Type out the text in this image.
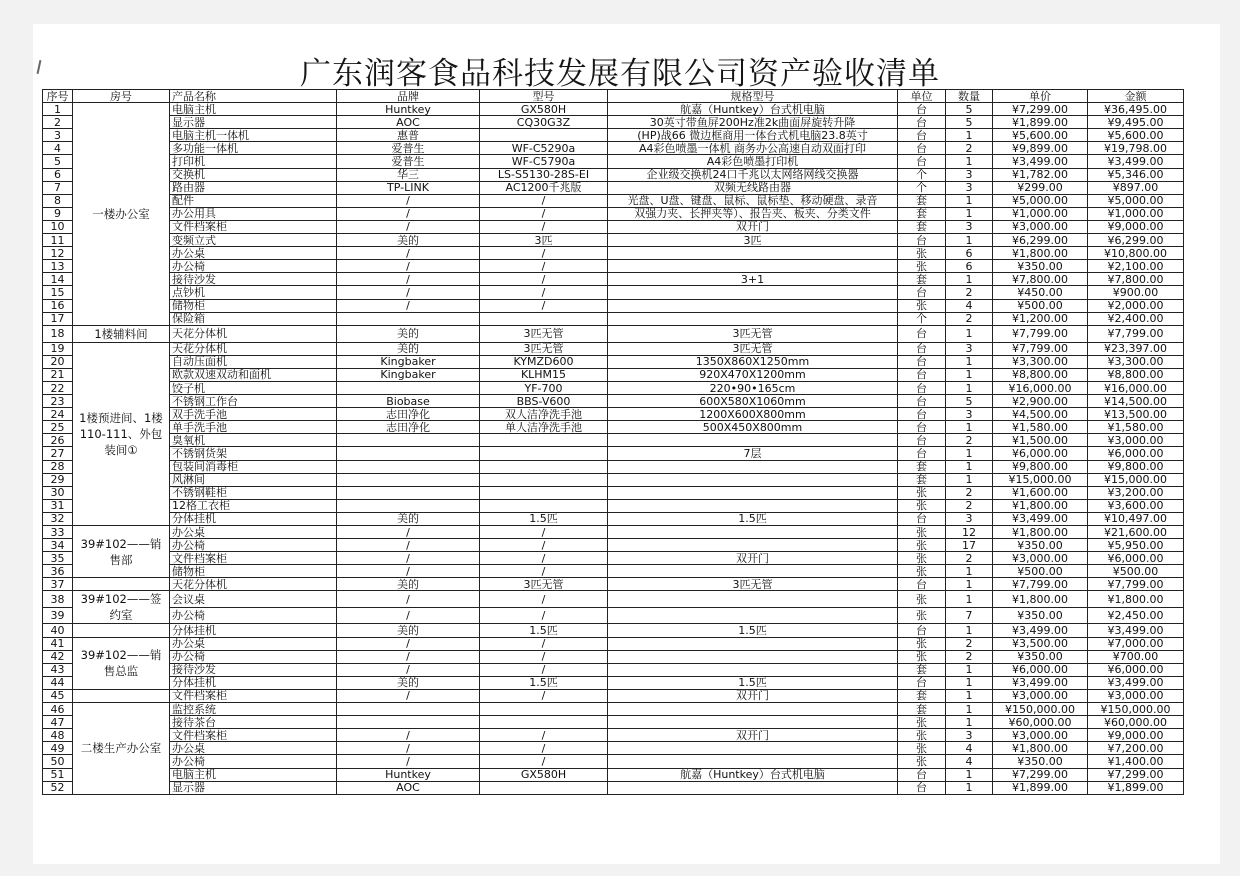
广东润客食品科技发展有限公司资产验收清单
序号	房号	产品名称	品牌	型号	规格型号	单位	数量	单价	金额
1	一楼办公室	电脑主机	Huntkey	GX580H	航嘉（Huntkey）台式机电脑	台	5	¥7,299.00	¥36,495.00
2		显示器	AOC	CQ30G3Z	30英寸带鱼屏200Hz准2k曲面屏旋转升降	台	5	¥1,899.00	¥9,495.00
3		电脑主机一体机	惠普		(HP)战66 微边框商用一体台式机电脑23.8英寸	台	1	¥5,600.00	¥5,600.00
4		多功能一体机	爱普生	WF-C5290a	A4彩色喷墨一体机 商务办公高速自动双面打印	台	2	¥9,899.00	¥19,798.00
5		打印机	爱普生	WF-C5790a	A4彩色喷墨打印机	台	1	¥3,499.00	¥3,499.00
6		交换机	华三	LS-S5130-28S-EI	企业级交换机24口千兆以太网络网线交换器	个	3	¥1,782.00	¥5,346.00
7		路由器	TP-LINK	AC1200千兆版	双频无线路由器	个	3	¥299.00	¥897.00
8		配件	/	/	光盘、U盘、键盘、鼠标、鼠标垫、移动硬盘、录音	套	1	¥5,000.00	¥5,000.00
9		办公用具	/	/	双强力夹、长押夹等）、报告夹、板夹、分类文件	套	1	¥1,000.00	¥1,000.00
10		文件档案柜	/	/	双开门	套	3	¥3,000.00	¥9,000.00
11		变频立式	美的	3匹	3匹	台	1	¥6,299.00	¥6,299.00
12		办公桌	/	/		张	6	¥1,800.00	¥10,800.00
13		办公椅	/	/		张	6	¥350.00	¥2,100.00
14		接待沙发	/	/	3+1	套	1	¥7,800.00	¥7,800.00
15		点钞机	/	/		台	2	¥450.00	¥900.00
16		储物柜	/	/		张	4	¥500.00	¥2,000.00
17		保险箱				个	2	¥1,200.00	¥2,400.00
18	1楼辅料间	天花分体机	美的	3匹无管	3匹无管	台	1	¥7,799.00	¥7,799.00
19	1楼预进间、1楼110-111、外包装间①	天花分体机	美的	3匹无管	3匹无管	台	3	¥7,799.00	¥23,397.00
20		自动压面机	Kingbaker	KYMZD600	1350X860X1250mm	台	1	¥3,300.00	¥3,300.00
21		欧款双速双动和面机	Kingbaker	KLHM15	920X470X1200mm	台	1	¥8,800.00	¥8,800.00
22		饺子机		YF-700	220•90•165cm	台	1	¥16,000.00	¥16,000.00
23		不锈钢工作台	Biobase	BBS-V600	600X580X1060mm	台	5	¥2,900.00	¥14,500.00
24		双手洗手池	志田净化	双人洁净洗手池	1200X600X800mm	台	3	¥4,500.00	¥13,500.00
25		单手洗手池	志田净化	单人洁净洗手池	500X450X800mm	台	1	¥1,580.00	¥1,580.00
26		臭氧机				台	2	¥1,500.00	¥3,000.00
27		不锈钢货架			7层	台	1	¥6,000.00	¥6,000.00
28		包装间消毒柜				套	1	¥9,800.00	¥9,800.00
29		风淋间				套	1	¥15,000.00	¥15,000.00
30		不锈钢鞋柜				张	2	¥1,600.00	¥3,200.00
31		12格工衣柜				张	2	¥1,800.00	¥3,600.00
32		分体挂机	美的	1.5匹	1.5匹	台	3	¥3,499.00	¥10,497.00
33	39#102——销售部	办公桌	/	/		张	12	¥1,800.00	¥21,600.00
34		办公椅	/	/		张	17	¥350.00	¥5,950.00
35		文件档案柜	/	/	双开门	张	2	¥3,000.00	¥6,000.00
36		储物柜	/	/		张	1	¥500.00	¥500.00
37		天花分体机	美的	3匹无管	3匹无管	台	1	¥7,799.00	¥7,799.00
38	39#102——签约室	会议桌	/	/		张	1	¥1,800.00	¥1,800.00
39		办公椅	/	/		张	7	¥350.00	¥2,450.00
40		分体挂机	美的	1.5匹	1.5匹	台	1	¥3,499.00	¥3,499.00
41	39#102——销售总监	办公桌	/	/		张	2	¥3,500.00	¥7,000.00
42		办公椅	/	/		张	2	¥350.00	¥700.00
43		接待沙发	/	/		套	1	¥6,000.00	¥6,000.00
44		分体挂机	美的	1.5匹	1.5匹	台	1	¥3,499.00	¥3,499.00
45		文件档案柜	/	/	双开门	套	1	¥3,000.00	¥3,000.00
46	二楼生产办公室	监控系统				套	1	¥150,000.00	¥150,000.00
47		接待茶台				张	1	¥60,000.00	¥60,000.00
48		文件档案柜	/	/	双开门	张	3	¥3,000.00	¥9,000.00
49		办公桌	/	/		张	4	¥1,800.00	¥7,200.00
50		办公椅	/	/		张	4	¥350.00	¥1,400.00
51		电脑主机	Huntkey	GX580H	航嘉（Huntkey）台式机电脑	台	1	¥7,299.00	¥7,299.00
52		显示器	AOC			台	1	¥1,899.00	¥1,899.00
